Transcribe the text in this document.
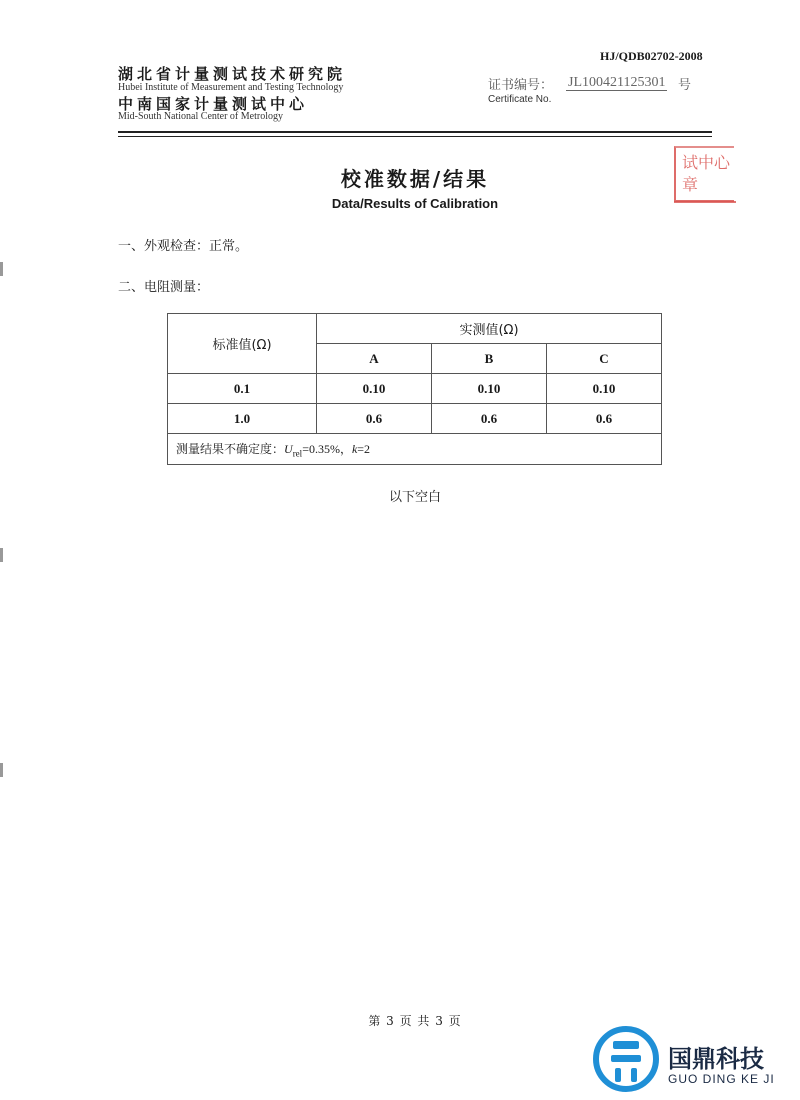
HJ/QDB02702-2008
湖北省计量测试技术研究院
Hubei Institute of Measurement and Testing Technology
中南国家计量测试中心
Mid-South National Center of Metrology
证书编号： JL100421125301 号
Certificate No.
试中心
章
校准数据/结果
Data/Results of Calibration
一、外观检查：正常。
二、电阻测量：
标准值(Ω)	实测值(Ω)		
	A	B	C
0.1	0.10	0.10	0.10
1.0	0.6	0.6	0.6
测量结果不确定度：$U_{rel}=0.35\%$，k=2			
以下空白
第 3 页 共 3 页
国鼎科技
GUO DING KE JI
